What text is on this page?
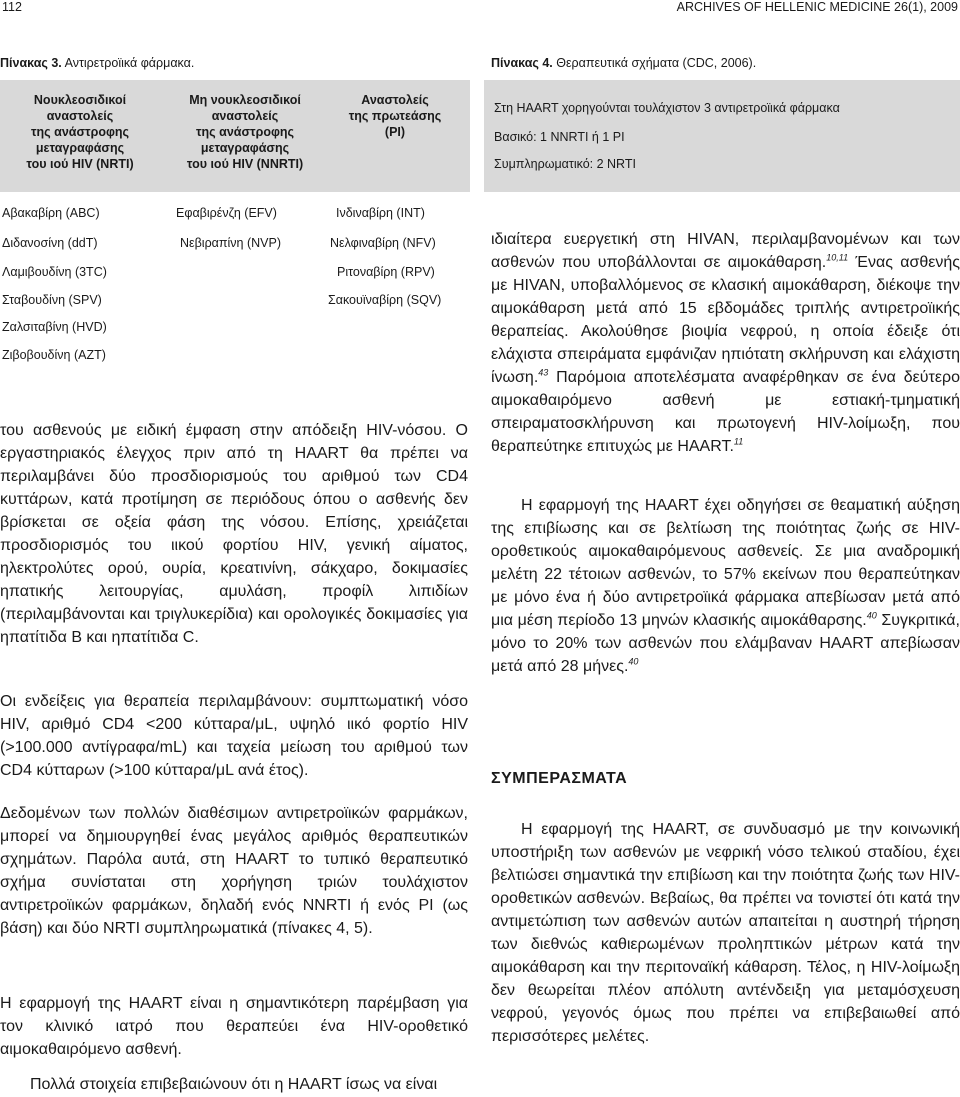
112	ARCHIVES OF HELLENIC MEDICINE 26(1), 2009
Πίνακας 3. Αντιρετροϊικά φάρμακα.
Νουκλεοσιδικοί
αναστολείς
της ανάστροφης
μεταγραφάσης
του ιού HIV (NRTI)
Μη νουκλεοσιδικοί
αναστολείς
της ανάστροφης
μεταγραφάσης
του ιού HIV (NNRTI)
Αναστολείς
της πρωτεάσης
(PI)
Αβακαβίρη (ABC)
Διδανοσίνη (ddT)
Λαμιβουδίνη (3TC)
Σταβουδίνη (SPV)
Ζαλσιταβίνη (HVD)
Ζιβοβουδίνη (AZT)
Εφαβιρένζη (EFV)
Νεβιραπίνη (NVP)
Ινδιναβίρη (INT)
Νελφιναβίρη (NFV)
Ριτοναβίρη (RPV)
Σακουϊναβίρη (SQV)
Πίνακας 4. Θεραπευτικά σχήματα (CDC, 2006).
Στη HAART χορηγούνται τουλάχιστον 3 αντιρετροϊικά φάρμακα
Βασικό: 1 NNRTI ή 1 PI
Συμπληρωματικό: 2 NRTI

του ασθενούς με ειδική έμφαση στην απόδειξη HIV-νόσου. Ο εργαστηριακός έλεγχος πριν από τη HAART θα πρέπει να περιλαμβάνει δύο προσδιορισμούς του αριθμού των CD4 κυττάρων, κατά προτίμηση σε περιόδους όπου ο ασθενής δεν βρίσκεται σε οξεία φάση της νόσου. Επίσης, χρειάζεται προσδιορισμός του ιικού φορτίου HIV, γενική αίματος, ηλεκτρολύτες ορού, ουρία, κρεατινίνη, σάκχαρο, δοκιμασίες ηπατικής λειτουργίας, αμυλάση, προφίλ λιπιδίων (περιλαμβάνονται και τριγλυκερίδια) και ορολογικές δοκιμασίες για ηπατίτιδα B και ηπατίτιδα C.

Οι ενδείξεις για θεραπεία περιλαμβάνουν: συμπτωματική νόσο HIV, αριθμό CD4 <200 κύτταρα/μL, υψηλό ιικό φορτίο HIV (>100.000 αντίγραφα/mL) και ταχεία μείωση του αριθμού των CD4 κύτταρων (>100 κύτταρα/μL ανά έτος).

Δεδομένων των πολλών διαθέσιμων αντιρετροϊικών φαρμάκων, μπορεί να δημιουργηθεί ένας μεγάλος αριθμός θεραπευτικών σχημάτων. Παρόλα αυτά, στη HAART το τυπικό θεραπευτικό σχήμα συνίσταται στη χορήγηση τριών τουλάχιστον αντιρετροϊικών φαρμάκων, δηλαδή ενός NNRTI ή ενός PI (ως βάση) και δύο NRTI συμπληρωματικά (πίνακες 4, 5).

Η εφαρμογή της HAART είναι η σημαντικότερη παρέμβαση για τον κλινικό ιατρό που θεραπεύει ένα HIV-οροθετικό αιμοκαθαιρόμενο ασθενή.

Πολλά στοιχεία επιβεβαιώνουν ότι η HAART ίσως να είναι

ιδιαίτερα ευεργετική στη HIVAN, περιλαμβανομένων και των ασθενών που υποβάλλονται σε αιμοκάθαρση.$^{10,11}$ Ένας ασθενής με HIVAN, υποβαλλόμενος σε κλασική αιμοκάθαρση, διέκοψε την αιμοκάθαρση μετά από 15 εβδομάδες τριπλής αντιρετροϊικής θεραπείας. Ακολούθησε βιοψία νεφρού, η οποία έδειξε ότι ελάχιστα σπειράματα εμφάνιζαν ηπιότατη σκλήρυνση και ελάχιστη ίνωση.$^{43}$ Παρόμοια αποτελέσματα αναφέρθηκαν σε ένα δεύτερο αιμοκαθαιρόμενο ασθενή με εστιακή-τμηματική σπειραματοσκλήρυνση και πρωτογενή HIV-λοίμωξη, που θεραπεύτηκε επιτυχώς με HAART.$^{11}$

Η εφαρμογή της HAART έχει οδηγήσει σε θεαματική αύξηση της επιβίωσης και σε βελτίωση της ποιότητας ζωής σε HIV-οροθετικούς αιμοκαθαιρόμενους ασθενείς. Σε μια αναδρομική μελέτη 22 τέτοιων ασθενών, το 57% εκείνων που θεραπεύτηκαν με μόνο ένα ή δύο αντιρετροϊικά φάρμακα απεβίωσαν μετά από μια μέση περίοδο 13 μηνών κλασικής αιμοκάθαρσης.$^{40}$ Συγκριτικά, μόνο το 20% των ασθενών που ελάμβαναν HAART απεβίωσαν μετά από 28 μήνες.$^{40}$

ΣΥΜΠΕΡΑΣΜΑΤΑ

Η εφαρμογή της HAART, σε συνδυασμό με την κοινωνική υποστήριξη των ασθενών με νεφρική νόσο τελικού σταδίου, έχει βελτιώσει σημαντικά την επιβίωση και την ποιότητα ζωής των HIV-οροθετικών ασθενών. Βεβαίως, θα πρέπει να τονιστεί ότι κατά την αντιμετώπιση των ασθενών αυτών απαιτείται η αυστηρή τήρηση των διεθνώς καθιερωμένων προληπτικών μέτρων κατά την αιμοκάθαρση και την περιτοναϊκή κάθαρση. Τέλος, η HIV-λοίμωξη δεν θεωρείται πλέον απόλυτη αντένδειξη για μεταμόσχευση νεφρού, γεγονός όμως που πρέπει να επιβεβαιωθεί από περισσότερες μελέτες.
